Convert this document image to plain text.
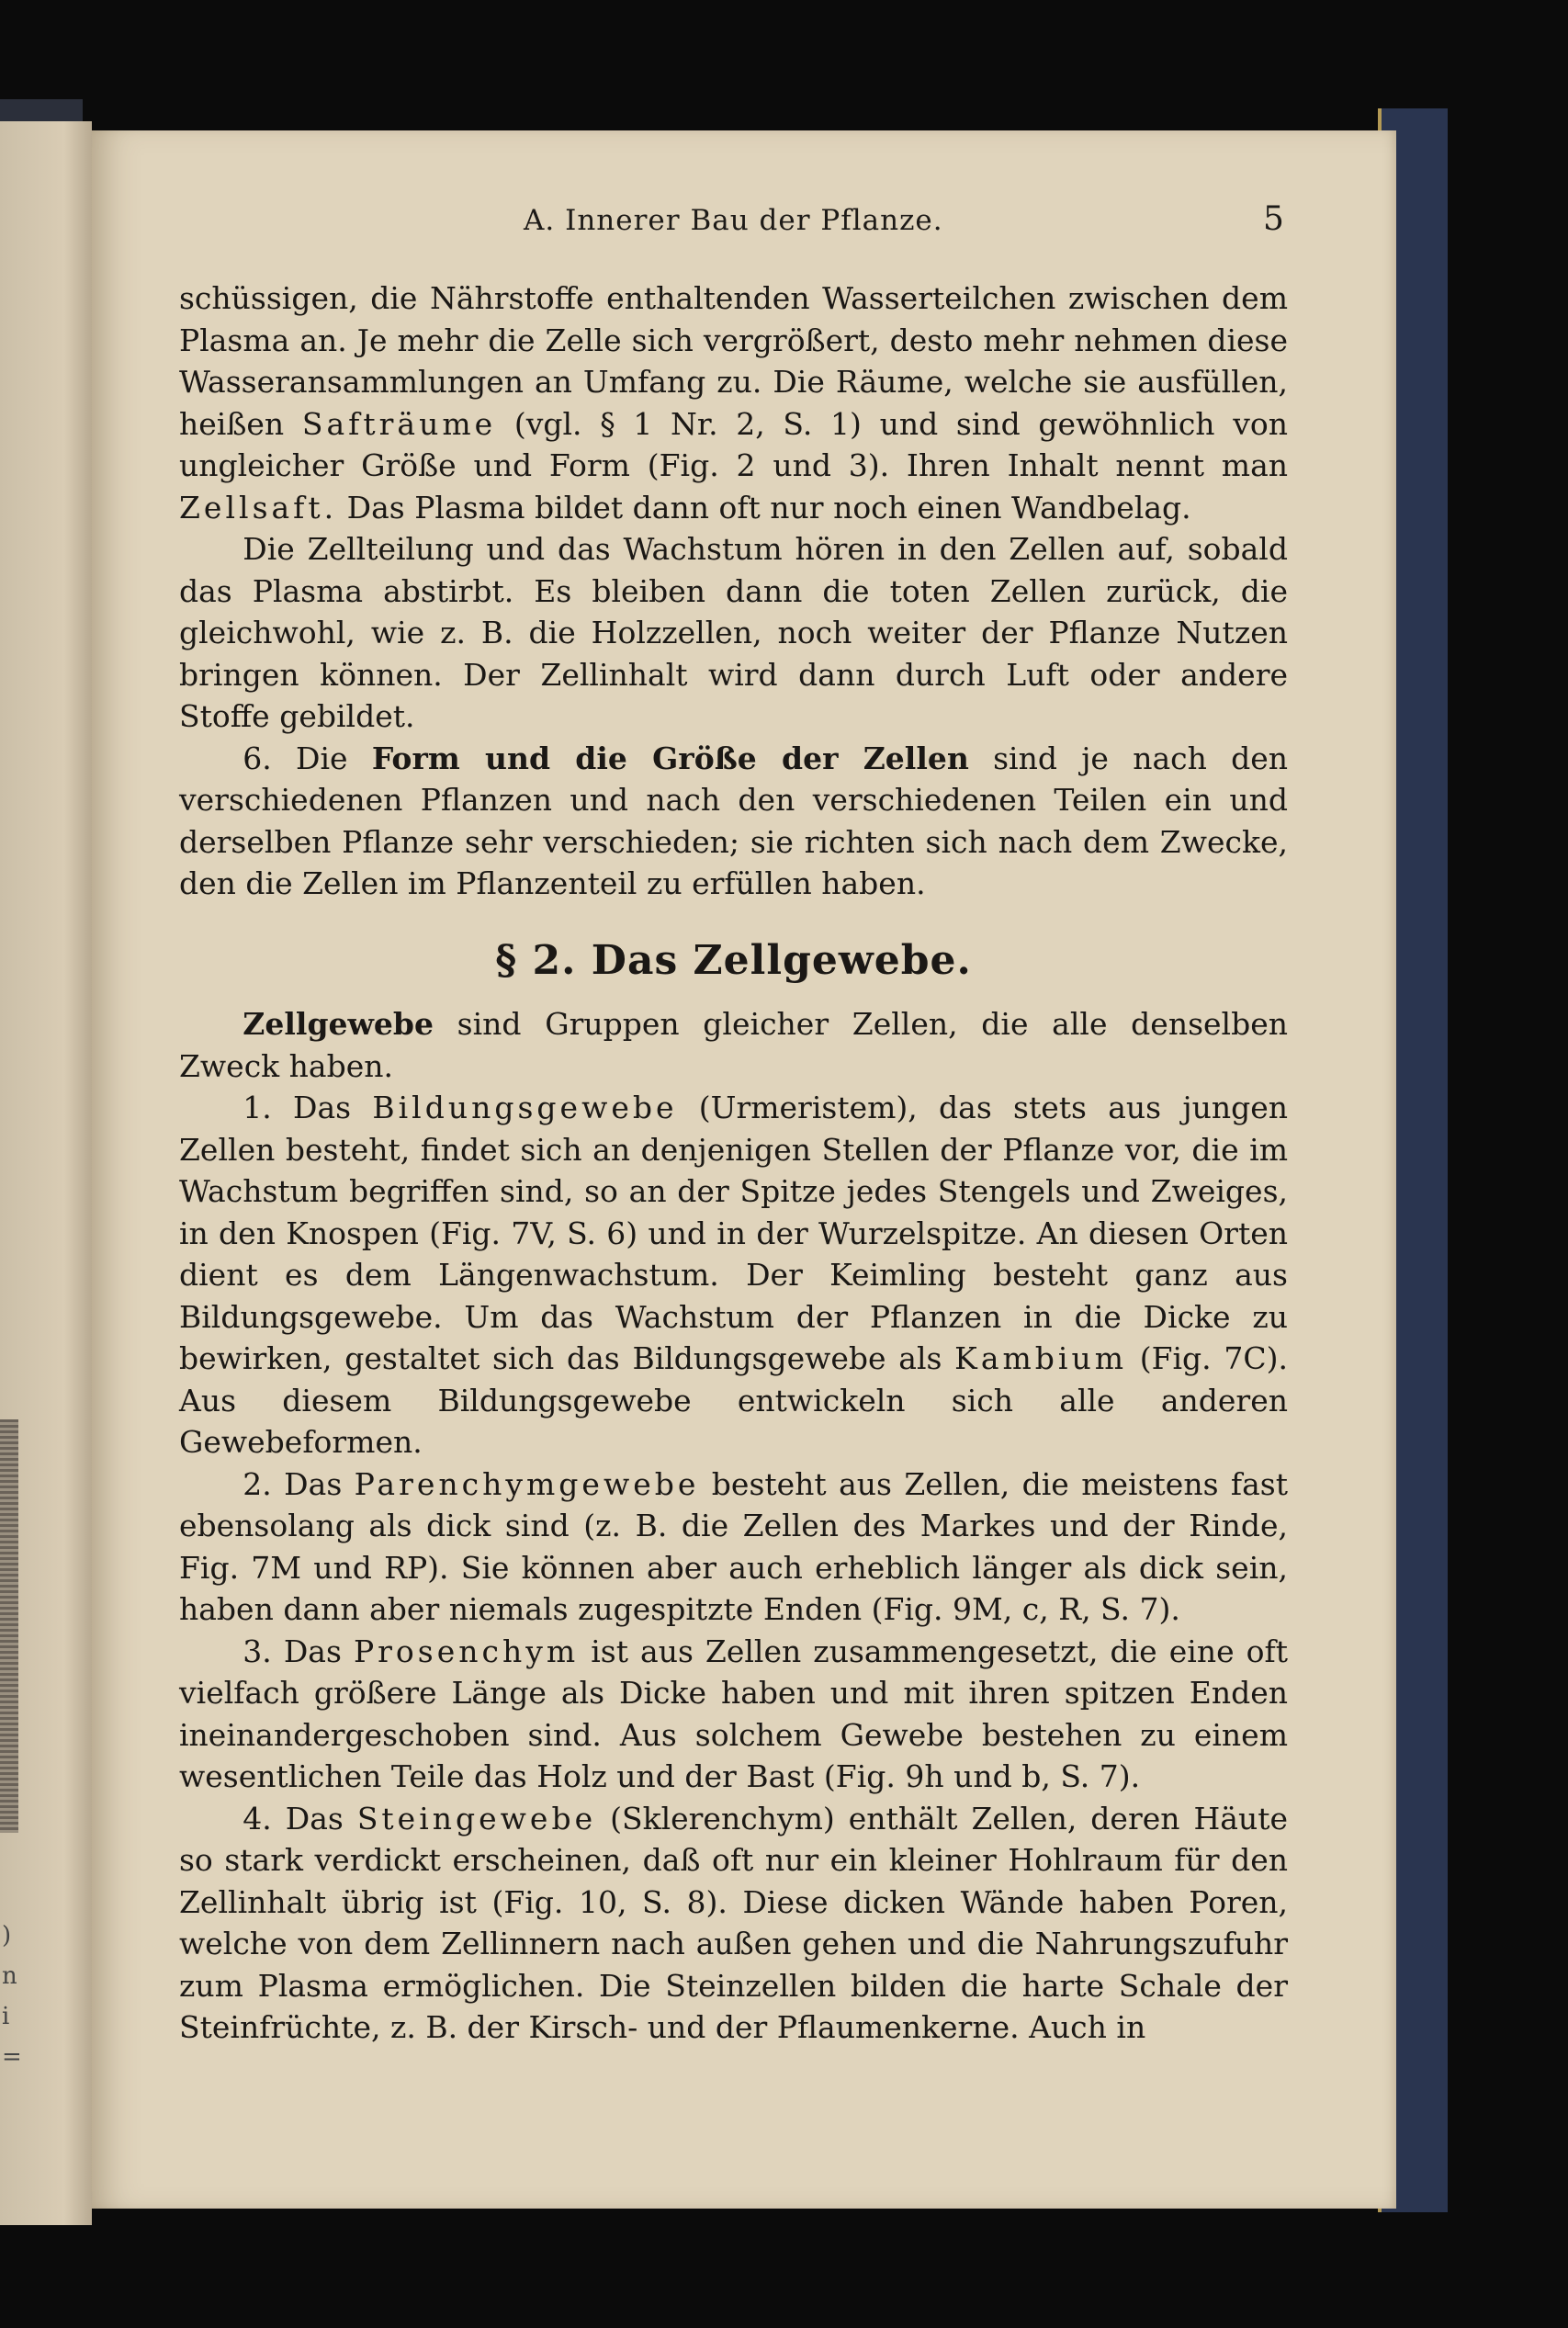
)
n
i
=
A. Innerer Bau der Pflanze.	5

schüssigen, die Nährstoffe enthaltenden Wasserteilchen zwischen dem Plasma an. Je mehr die Zelle sich vergrößert, desto mehr nehmen diese Wasseransammlungen an Umfang zu. Die Räume, welche sie ausfüllen, heißen Safträume (vgl. § 1 Nr. 2, S. 1) und sind gewöhnlich von ungleicher Größe und Form (Fig. 2 und 3). Ihren Inhalt nennt man Zellsaft. Das Plasma bildet dann oft nur noch einen Wandbelag.

Die Zellteilung und das Wachstum hören in den Zellen auf, sobald das Plasma abstirbt. Es bleiben dann die toten Zellen zurück, die gleichwohl, wie z. B. die Holzzellen, noch weiter der Pflanze Nutzen bringen können. Der Zellinhalt wird dann durch Luft oder andere Stoffe gebildet.

6. Die Form und die Größe der Zellen sind je nach den verschiedenen Pflanzen und nach den verschiedenen Teilen ein und derselben Pflanze sehr verschieden; sie richten sich nach dem Zwecke, den die Zellen im Pflanzenteil zu erfüllen haben.

§ 2. Das Zellgewebe.

Zellgewebe sind Gruppen gleicher Zellen, die alle denselben Zweck haben.

1. Das Bildungsgewebe (Urmeristem), das stets aus jungen Zellen besteht, findet sich an denjenigen Stellen der Pflanze vor, die im Wachstum begriffen sind, so an der Spitze jedes Stengels und Zweiges, in den Knospen (Fig. 7V, S. 6) und in der Wurzelspitze. An diesen Orten dient es dem Längenwachstum. Der Keimling besteht ganz aus Bildungsgewebe. Um das Wachstum der Pflanzen in die Dicke zu bewirken, gestaltet sich das Bildungsgewebe als Kambium (Fig. 7C). Aus diesem Bildungsgewebe entwickeln sich alle anderen Gewebeformen.

2. Das Parenchymgewebe besteht aus Zellen, die meistens fast ebensolang als dick sind (z. B. die Zellen des Markes und der Rinde, Fig. 7M und RP). Sie können aber auch erheblich länger als dick sein, haben dann aber niemals zugespitzte Enden (Fig. 9M, c, R, S. 7).

3. Das Prosenchym ist aus Zellen zusammengesetzt, die eine oft vielfach größere Länge als Dicke haben und mit ihren spitzen Enden ineinandergeschoben sind. Aus solchem Gewebe bestehen zu einem wesentlichen Teile das Holz und der Bast (Fig. 9h und b, S. 7).

4. Das Steingewebe (Sklerenchym) enthält Zellen, deren Häute so stark verdickt erscheinen, daß oft nur ein kleiner Hohlraum für den Zellinhalt übrig ist (Fig. 10, S. 8). Diese dicken Wände haben Poren, welche von dem Zellinnern nach außen gehen und die Nahrungszufuhr zum Plasma ermöglichen. Die Steinzellen bilden die harte Schale der Steinfrüchte, z. B. der Kirsch- und der Pflaumenkerne. Auch in
